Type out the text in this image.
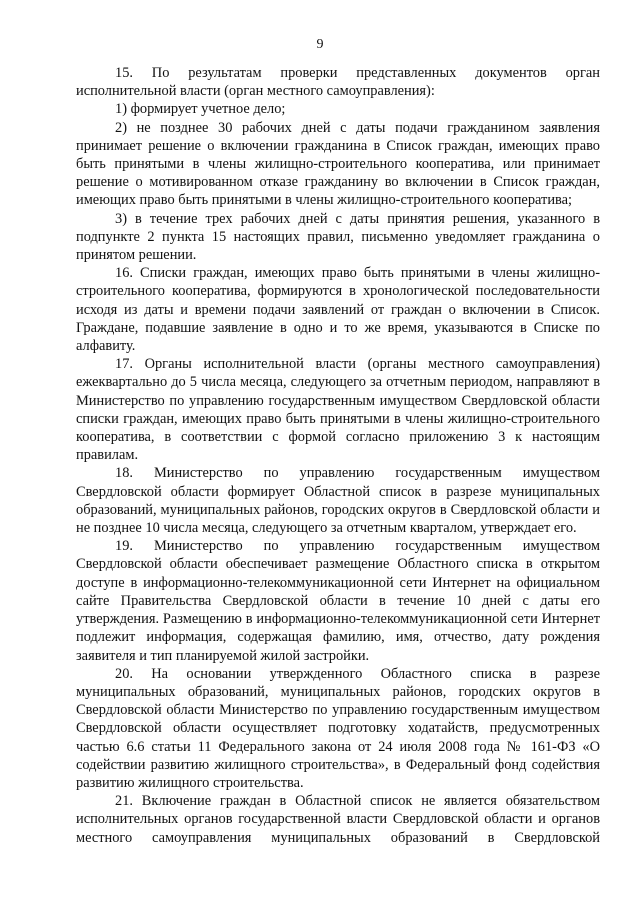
9

15. По результатам проверки представленных документов орган исполнительной власти (орган местного самоуправления):

1) формирует учетное дело;

2) не позднее 30 рабочих дней с даты подачи гражданином заявления принимает решение о включении гражданина в Список граждан, имеющих право быть принятыми в члены жилищно-строительного кооператива, или принимает решение о мотивированном отказе гражданину во включении в Список граждан, имеющих право быть принятыми в члены жилищно-строительного кооператива;

3) в течение трех рабочих дней с даты принятия решения, указанного в подпункте 2 пункта 15 настоящих правил, письменно уведомляет гражданина о принятом решении.

16. Списки граждан, имеющих право быть принятыми в члены жилищно-строительного кооператива, формируются в хронологической последовательности исходя из даты и времени подачи заявлений от граждан о включении в Список. Граждане, подавшие заявление в одно и то же время, указываются в Списке по алфавиту.

17. Органы исполнительной власти (органы местного самоуправления) ежеквартально до 5 числа месяца, следующего за отчетным периодом, направляют в Министерство по управлению государственным имуществом Свердловской области списки граждан, имеющих право быть принятыми в члены жилищно-строительного кооператива, в соответствии с формой согласно приложению 3 к настоящим правилам.

18. Министерство по управлению государственным имуществом Свердловской области формирует Областной список в разрезе муниципальных образований, муниципальных районов, городских округов в Свердловской области и не позднее 10 числа месяца, следующего за отчетным кварталом, утверждает его.

19. Министерство по управлению государственным имуществом Свердловской области обеспечивает размещение Областного списка в открытом доступе в информационно-телекоммуникационной сети Интернет на официальном сайте Правительства Свердловской области в течение 10 дней с даты его утверждения. Размещению в информационно-телекоммуникационной сети Интернет подлежит информация, содержащая фамилию, имя, отчество, дату рождения заявителя и тип планируемой жилой застройки.

20. На основании утвержденного Областного списка в разрезе муниципальных образований, муниципальных районов, городских округов в Свердловской области Министерство по управлению государственным имуществом Свердловской области осуществляет подготовку ходатайств, предусмотренных частью 6.6 статьи 11 Федерального закона от 24 июля 2008 года № 161-ФЗ «О содействии развитию жилищного строительства», в Федеральный фонд содействия развитию жилищного строительства.

21. Включение граждан в Областной список не является обязательством исполнительных органов государственной власти Свердловской области и органов местного самоуправления муниципальных образований в Свердловской
